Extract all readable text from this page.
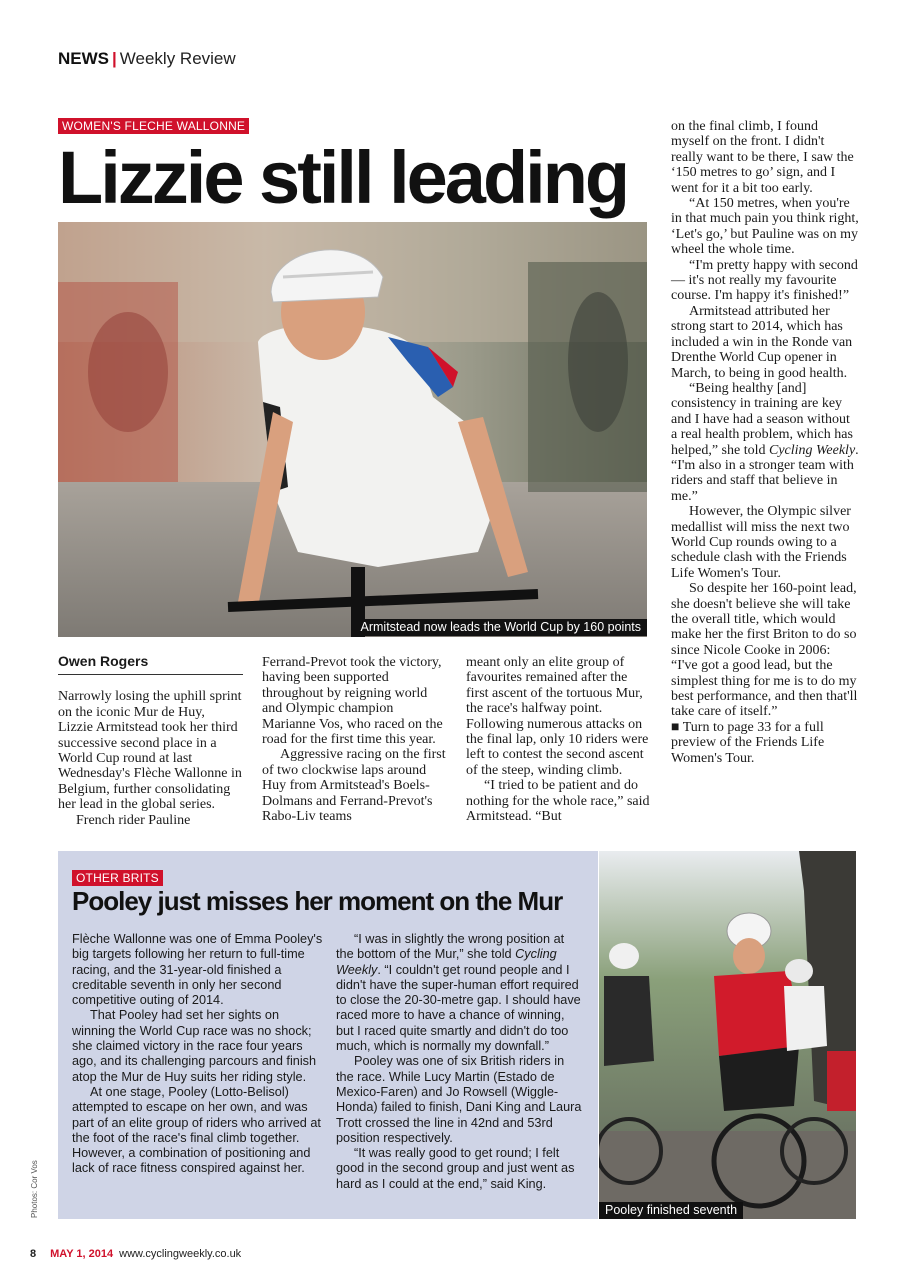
NEWS | Weekly Review
WOMEN'S FLECHE WALLONNE
Lizzie still leading
Armitstead now leads the World Cup by 160 points
Owen Rogers

Narrowly losing the uphill sprint on the iconic Mur de Huy, Lizzie Armitstead took her third successive second place in a World Cup round at last Wednesday's Flèche Wallonne in Belgium, further consolidating her lead in the global series.

French rider Pauline

Ferrand-Prevot took the victory, having been supported throughout by reigning world and Olympic champion Marianne Vos, who raced on the road for the first time this year.

Aggressive racing on the first of two clockwise laps around Huy from Armitstead's Boels-Dolmans and Ferrand-Prevot's Rabo-Liv teams

meant only an elite group of favourites remained after the first ascent of the tortuous Mur, the race's halfway point. Following numerous attacks on the final lap, only 10 riders were left to contest the second ascent of the steep, winding climb.

“I tried to be patient and do nothing for the whole race,” said Armitstead. “But

on the final climb, I found myself on the front. I didn't really want to be there, I saw the ‘150 metres to go’ sign, and I went for it a bit too early.

“At 150 metres, when you're in that much pain you think right, ‘Let's go,’ but Pauline was on my wheel the whole time.

“I'm pretty happy with second — it's not really my favourite course. I'm happy it's finished!”

Armitstead attributed her strong start to 2014, which has included a win in the Ronde van Drenthe World Cup opener in March, to being in good health.

“Being healthy [and] consistency in training are key and I have had a season without a real health problem, which has helped,” she told Cycling Weekly. “I'm also in a stronger team with riders and staff that believe in me.”

However, the Olympic silver medallist will miss the next two World Cup rounds owing to a schedule clash with the Friends Life Women's Tour.

So despite her 160-point lead, she doesn't believe she will take the overall title, which would make her the first Briton to do so since Nicole Cooke in 2006: “I've got a good lead, but the simplest thing for me is to do my best performance, and then that'll take care of itself.”

■ Turn to page 33 for a full preview of the Friends Life Women's Tour.

OTHER BRITS
Pooley just misses her moment on the Mur

Flèche Wallonne was one of Emma Pooley's big targets following her return to full-time racing, and the 31-year-old finished a creditable seventh in only her second competitive outing of 2014.

That Pooley had set her sights on winning the World Cup race was no shock; she claimed victory in the race four years ago, and its challenging parcours and finish atop the Mur de Huy suits her riding style.

At one stage, Pooley (Lotto-Belisol) attempted to escape on her own, and was part of an elite group of riders who arrived at the foot of the race's final climb together. However, a combination of positioning and lack of race fitness conspired against her.

“I was in slightly the wrong position at the bottom of the Mur,” she told Cycling Weekly. “I couldn't get round people and I didn't have the super-human effort required to close the 20-30-metre gap. I should have raced more to have a chance of winning, but I raced quite smartly and didn't do too much, which is normally my downfall.”

Pooley was one of six British riders in the race. While Lucy Martin (Estado de Mexico-Faren) and Jo Rowsell (Wiggle-Honda) failed to finish, Dani King and Laura Trott crossed the line in 42nd and 53rd position respectively.

“It was really good to get round; I felt good in the second group and just went as hard as I could at the end,” said King.

Pooley finished seventh
Photos: Cor Vos
8 MAY 1, 2014 www.cyclingweekly.co.uk
